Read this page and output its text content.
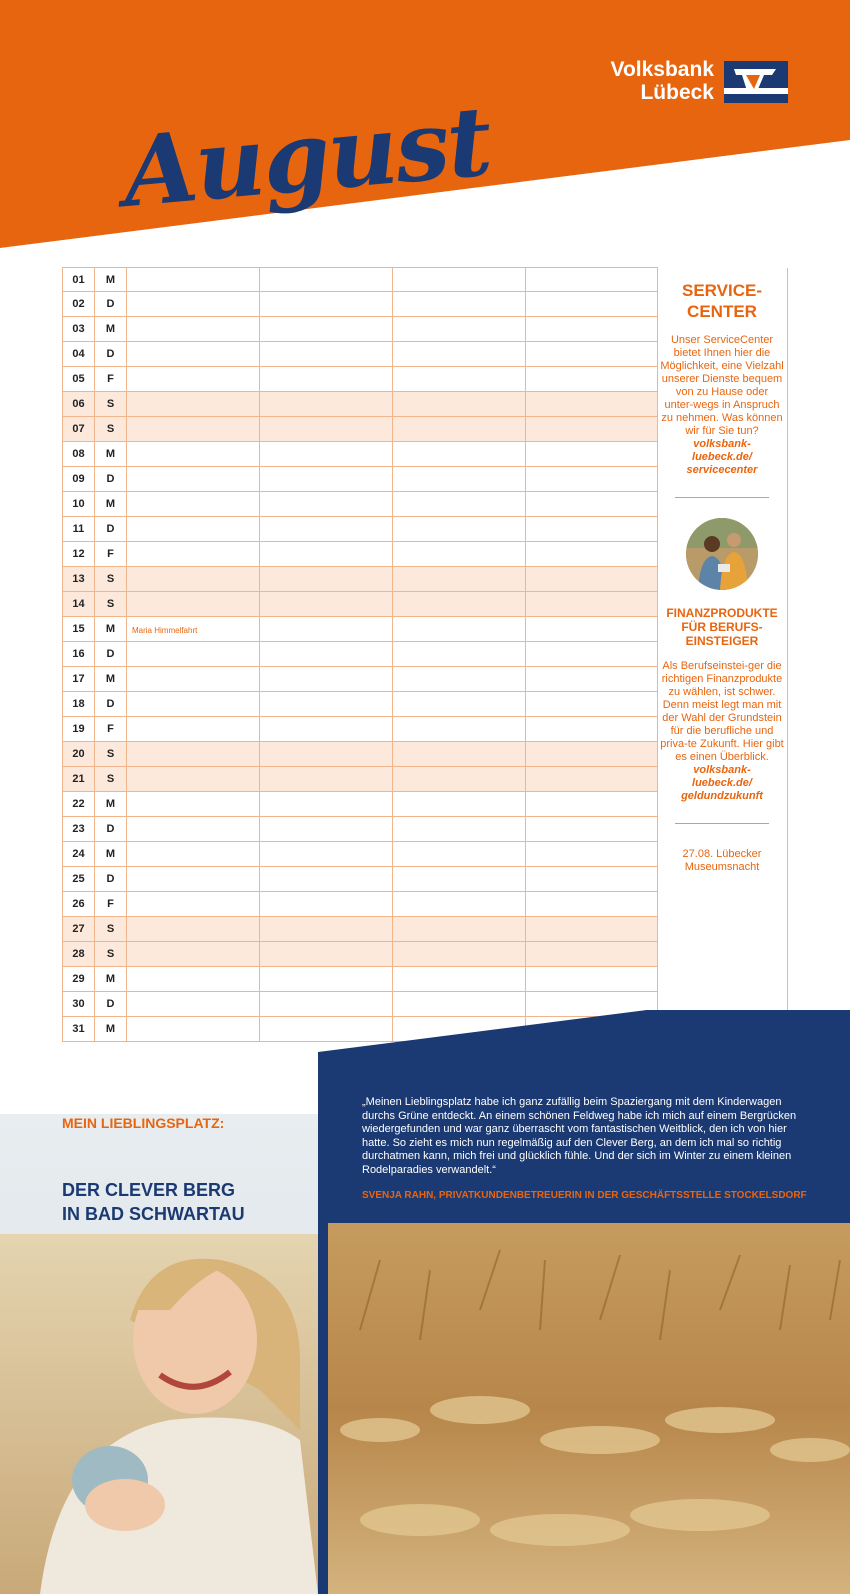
Volksbank
Lübeck
August
01	M
02	D
03	M
04	D
05	F
06	S
07	S
08	M
09	D
10	M
11	D
12	F
13	S
14	S
15	M	Maria Himmelfahrt
16	D
17	M
18	D
19	F
20	S
21	S
22	M
23	D
24	M
25	D
26	F
27	S
28	S
29	M
30	D
31	M
SERVICE-
CENTER
Unser ServiceCenter bietet Ihnen hier die Möglichkeit, eine Vielzahl unserer Dienste bequem von zu Hause oder unter-wegs in Anspruch zu nehmen. Was können wir für Sie tun?
volksbank-
luebeck.de/
servicecenter
FINANZPRODUKTE
FÜR BERUFS-
EINSTEIGER
Als Berufseinstei-ger die richtigen Finanzprodukte zu wählen, ist schwer. Denn meist legt man mit der Wahl der Grundstein für die berufliche und priva-te Zukunft. Hier gibt es einen Überblick.
volksbank-
luebeck.de/
geldundzukunft
27.08. Lübecker
Museumsnacht
MEIN LIEBLINGSPLATZ:
DER CLEVER BERG
IN BAD SCHWARTAU
„Meinen Lieblingsplatz habe ich ganz zufällig beim Spaziergang mit dem Kinderwagen durchs Grüne entdeckt. An einem schönen Feldweg habe ich mich auf einem Bergrücken wiedergefunden und war ganz überrascht vom fantastischen Weitblick, den ich von hier hatte. So zieht es mich nun regelmäßig auf den Clever Berg, an dem ich mal so richtig durchatmen kann, mich frei und glücklich fühle. Und der sich im Winter zu einem kleinen Rodelparadies verwandelt.“
SVENJA RAHN, PRIVATKUNDENBETREUERIN IN DER GESCHÄFTSSTELLE STOCKELSDORF
